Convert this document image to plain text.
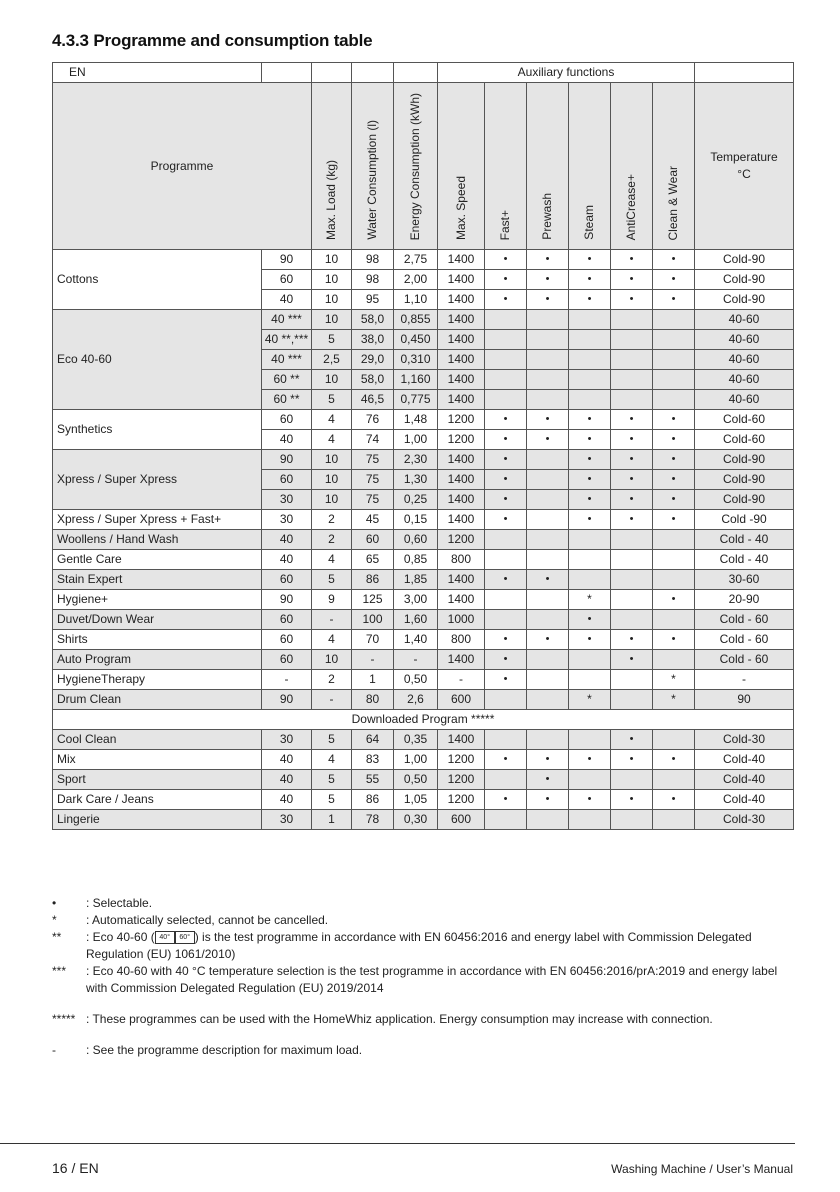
4.3.3 Programme and consumption table
EN					Auxiliary functions						
Programme		Max. Load (kg)	Water Consumption (l)	Energy Consumption (kWh)	Max. Speed	Fast+	Prewash	Steam	AntiCrease+	Clean & Wear	Temperature °C
Cottons	90	10	98	2,75	1400	•	•	•	•	•	Cold-90
	60	10	98	2,00	1400	•	•	•	•	•	Cold-90
	40	10	95	1,10	1400	•	•	•	•	•	Cold-90
Eco 40-60	40 ***	10	58,0	0,855	1400						40-60
	40 **,***	5	38,0	0,450	1400						40-60
	40 ***	2,5	29,0	0,310	1400						40-60
	60 **	10	58,0	1,160	1400						40-60
	60 **	5	46,5	0,775	1400						40-60
Synthetics	60	4	76	1,48	1200	•	•	•	•	•	Cold-60
	40	4	74	1,00	1200	•	•	•	•	•	Cold-60
Xpress / Super Xpress	90	10	75	2,30	1400	•		•	•	•	Cold-90
	60	10	75	1,30	1400	•		•	•	•	Cold-90
	30	10	75	0,25	1400	•		•	•	•	Cold-90
Xpress / Super Xpress + Fast+	30	2	45	0,15	1400	•		•	•	•	Cold -90
Woollens / Hand Wash	40	2	60	0,60	1200						Cold - 40
Gentle Care	40	4	65	0,85	800						Cold - 40
Stain Expert	60	5	86	1,85	1400	•	•				30-60
Hygiene+	90	9	125	3,00	1400			*		•	20-90
Duvet/Down Wear	60	-	100	1,60	1000			•			Cold - 60
Shirts	60	4	70	1,40	800	•	•	•	•	•	Cold - 60
Auto Program	60	10	-	-	1400	•			•		Cold - 60
HygieneTherapy	-	2	1	0,50	-	•				*	-
Drum Clean	90	-	80	2,6	600			*		*	90
Downloaded Program *****											
Cool Clean	30	5	64	0,35	1400				•		Cold-30
Mix	40	4	83	1,00	1200	•	•	•	•	•	Cold-40
Sport	40	5	55	0,50	1200		•				Cold-40
Dark Care / Jeans	40	5	86	1,05	1200	•	•	•	•	•	Cold-40
Lingerie	30	1	78	0,30	600						Cold-30
•	: Selectable.
*	: Automatically selected, cannot be cancelled.
**	: Eco 40-60 ( 40° 60° ) is the test programme in accordance with EN 60456:2016 and energy label with Commission Delegated Regulation (EU) 1061/2010)
***	: Eco 40-60 with 40 °C temperature selection is the test programme in accordance with EN 60456:2016/prA:2019 and energy label with Commission Delegated Regulation (EU) 2019/2014
***** : These programmes can be used with the HomeWhiz application. Energy consumption may increase with connection.
-	: See the programme description for maximum load.
16 / EN	Washing Machine / User’s Manual
